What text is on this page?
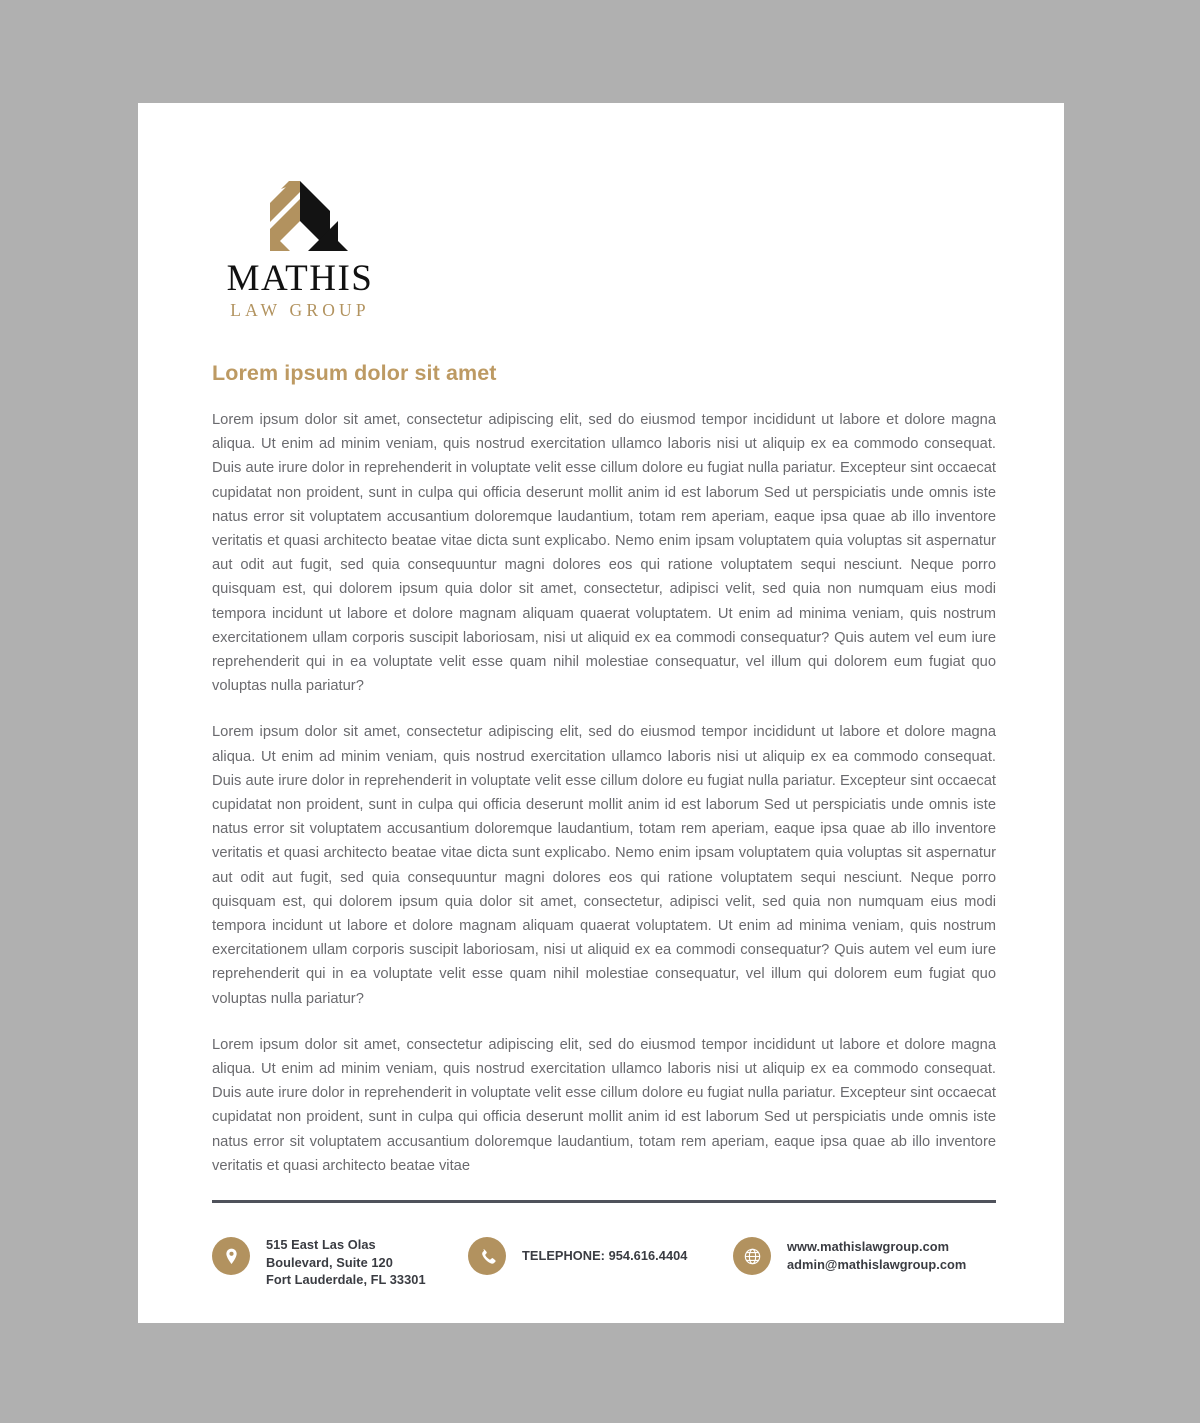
MATHIS
LAW GROUP
Lorem ipsum dolor sit amet

Lorem ipsum dolor sit amet, consectetur adipiscing elit, sed do eiusmod tempor incididunt ut labore et dolore magna aliqua. Ut enim ad minim veniam, quis nostrud exercitation ullamco laboris nisi ut aliquip ex ea commodo consequat. Duis aute irure dolor in reprehenderit in voluptate velit esse cillum dolore eu fugiat nulla pariatur. Excepteur sint occaecat cupidatat non proident, sunt in culpa qui officia deserunt mollit anim id est laborum Sed ut perspiciatis unde omnis iste natus error sit voluptatem accusantium doloremque laudantium, totam rem aperiam, eaque ipsa quae ab illo inventore veritatis et quasi architecto beatae vitae dicta sunt explicabo. Nemo enim ipsam voluptatem quia voluptas sit aspernatur aut odit aut fugit, sed quia consequuntur magni dolores eos qui ratione voluptatem sequi nesciunt. Neque porro quisquam est, qui dolorem ipsum quia dolor sit amet, consectetur, adipisci velit, sed quia non numquam eius modi tempora incidunt ut labore et dolore magnam aliquam quaerat voluptatem. Ut enim ad minima veniam, quis nostrum exercitationem ullam corporis suscipit laboriosam, nisi ut aliquid ex ea commodi consequatur? Quis autem vel eum iure reprehenderit qui in ea voluptate velit esse quam nihil molestiae consequatur, vel illum qui dolorem eum fugiat quo voluptas nulla pariatur?

Lorem ipsum dolor sit amet, consectetur adipiscing elit, sed do eiusmod tempor incididunt ut labore et dolore magna aliqua. Ut enim ad minim veniam, quis nostrud exercitation ullamco laboris nisi ut aliquip ex ea commodo consequat. Duis aute irure dolor in reprehenderit in voluptate velit esse cillum dolore eu fugiat nulla pariatur. Excepteur sint occaecat cupidatat non proident, sunt in culpa qui officia deserunt mollit anim id est laborum Sed ut perspiciatis unde omnis iste natus error sit voluptatem accusantium doloremque laudantium, totam rem aperiam, eaque ipsa quae ab illo inventore veritatis et quasi architecto beatae vitae dicta sunt explicabo. Nemo enim ipsam voluptatem quia voluptas sit aspernatur aut odit aut fugit, sed quia consequuntur magni dolores eos qui ratione voluptatem sequi nesciunt. Neque porro quisquam est, qui dolorem ipsum quia dolor sit amet, consectetur, adipisci velit, sed quia non numquam eius modi tempora incidunt ut labore et dolore magnam aliquam quaerat voluptatem. Ut enim ad minima veniam, quis nostrum exercitationem ullam corporis suscipit laboriosam, nisi ut aliquid ex ea commodi consequatur? Quis autem vel eum iure reprehenderit qui in ea voluptate velit esse quam nihil molestiae consequatur, vel illum qui dolorem eum fugiat quo voluptas nulla pariatur?

Lorem ipsum dolor sit amet, consectetur adipiscing elit, sed do eiusmod tempor incididunt ut labore et dolore magna aliqua. Ut enim ad minim veniam, quis nostrud exercitation ullamco laboris nisi ut aliquip ex ea commodo consequat. Duis aute irure dolor in reprehenderit in voluptate velit esse cillum dolore eu fugiat nulla pariatur. Excepteur sint occaecat cupidatat non proident, sunt in culpa qui officia deserunt mollit anim id est laborum Sed ut perspiciatis unde omnis iste natus error sit voluptatem accusantium doloremque laudantium, totam rem aperiam, eaque ipsa quae ab illo inventore veritatis et quasi architecto beatae vitae

515 East Las Olas
Boulevard, Suite 120
Fort Lauderdale, FL 33301
TELEPHONE: 954.616.4404
www.mathislawgroup.com
admin@mathislawgroup.com
